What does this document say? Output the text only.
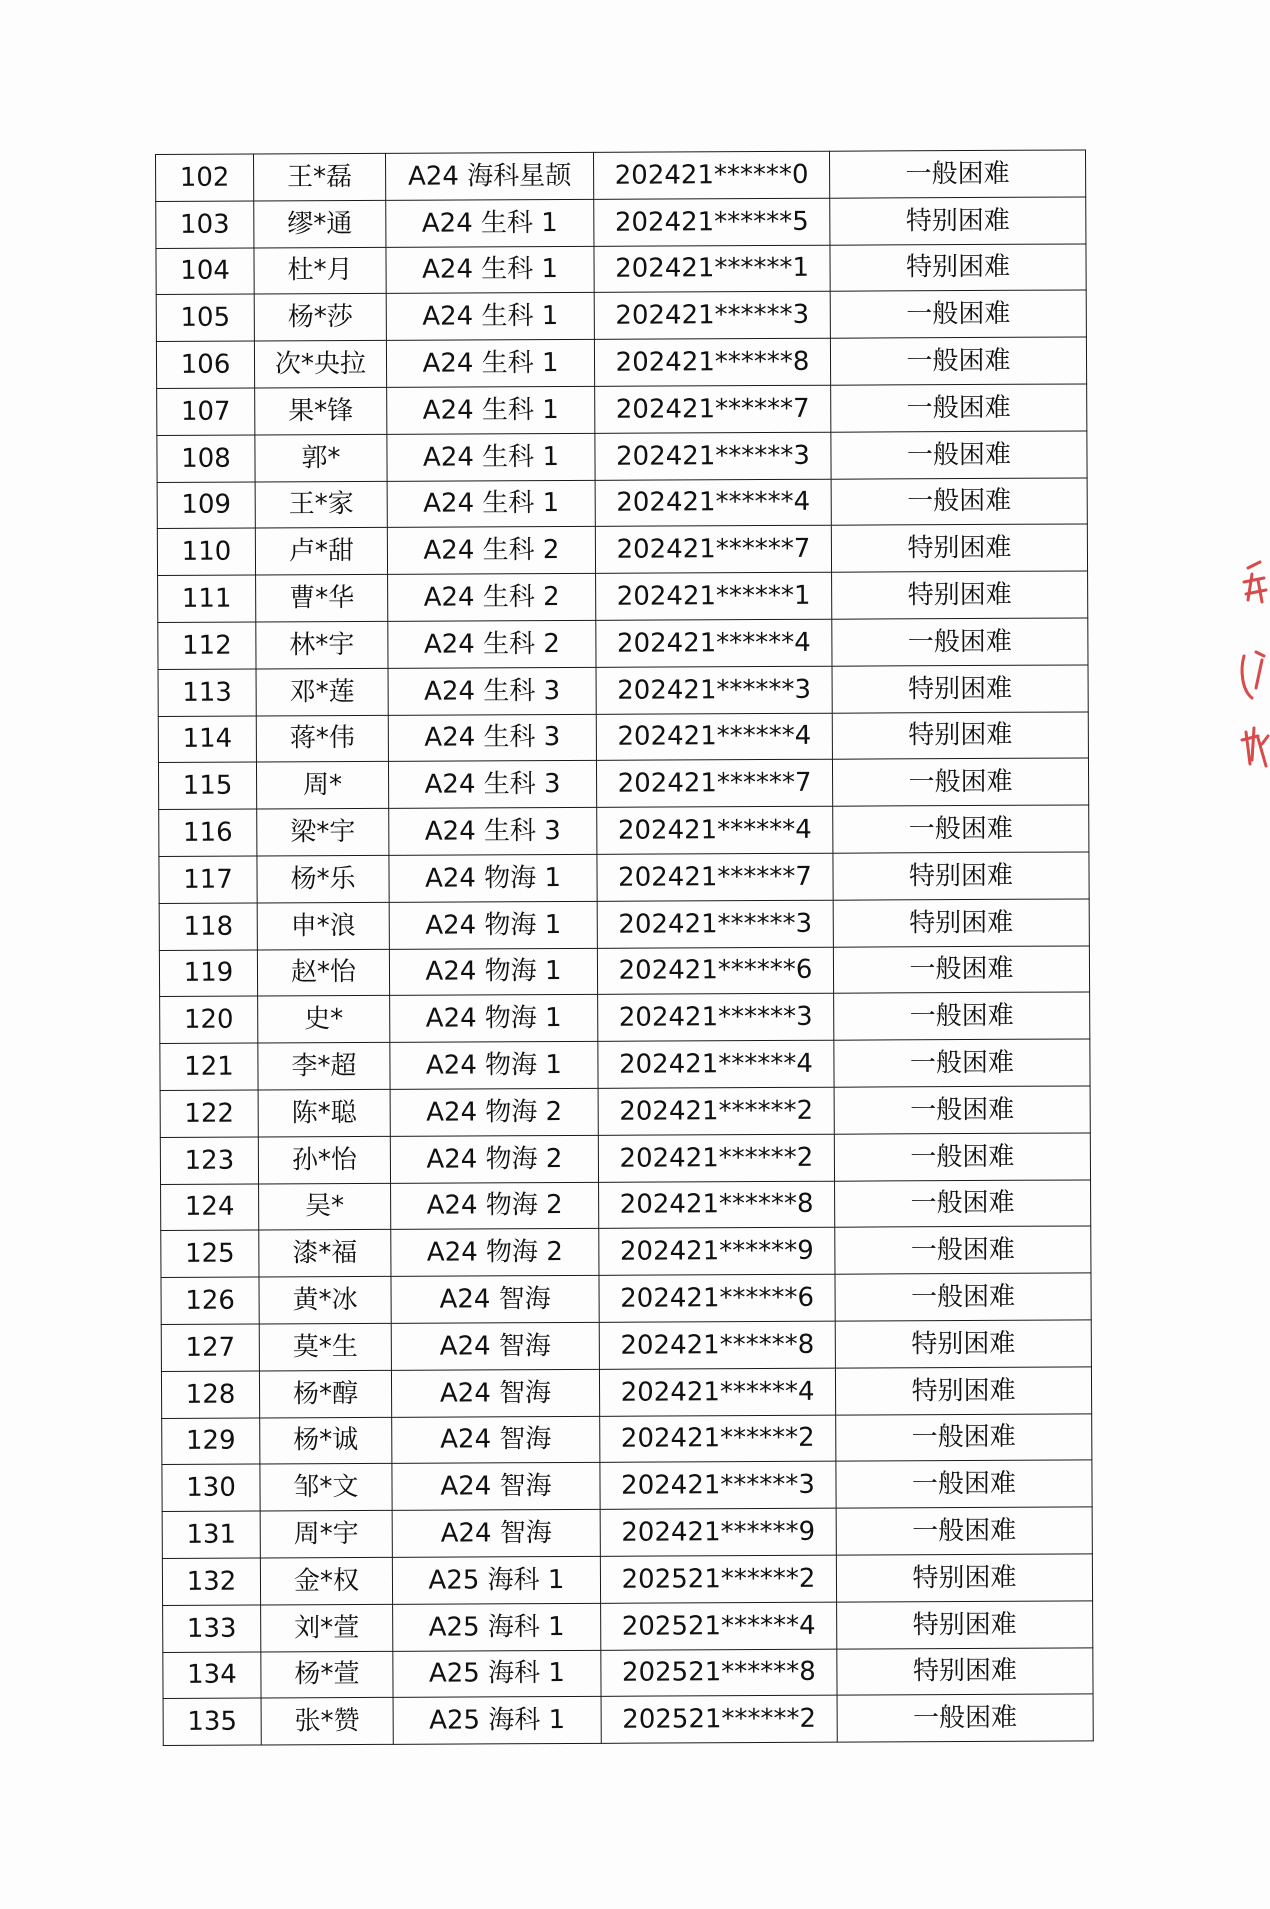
102	王*磊	A24 海科星颉	202421******0	一般困难
103	缪*通	A24 生科 1	202421******5	特别困难
104	杜*月	A24 生科 1	202421******1	特别困难
105	杨*莎	A24 生科 1	202421******3	一般困难
106	次*央拉	A24 生科 1	202421******8	一般困难
107	果*锋	A24 生科 1	202421******7	一般困难
108	郭*	A24 生科 1	202421******3	一般困难
109	王*家	A24 生科 1	202421******4	一般困难
110	卢*甜	A24 生科 2	202421******7	特别困难
111	曹*华	A24 生科 2	202421******1	特别困难
112	林*宇	A24 生科 2	202421******4	一般困难
113	邓*莲	A24 生科 3	202421******3	特别困难
114	蒋*伟	A24 生科 3	202421******4	特别困难
115	周*	A24 生科 3	202421******7	一般困难
116	梁*宇	A24 生科 3	202421******4	一般困难
117	杨*乐	A24 物海 1	202421******7	特别困难
118	申*浪	A24 物海 1	202421******3	特别困难
119	赵*怡	A24 物海 1	202421******6	一般困难
120	史*	A24 物海 1	202421******3	一般困难
121	李*超	A24 物海 1	202421******4	一般困难
122	陈*聪	A24 物海 2	202421******2	一般困难
123	孙*怡	A24 物海 2	202421******2	一般困难
124	吴*	A24 物海 2	202421******8	一般困难
125	漆*福	A24 物海 2	202421******9	一般困难
126	黄*冰	A24 智海	202421******6	一般困难
127	莫*生	A24 智海	202421******8	特别困难
128	杨*醇	A24 智海	202421******4	特别困难
129	杨*诚	A24 智海	202421******2	一般困难
130	邹*文	A24 智海	202421******3	一般困难
131	周*宇	A24 智海	202421******9	一般困难
132	金*权	A25 海科 1	202521******2	特别困难
133	刘*萱	A25 海科 1	202521******4	特别困难
134	杨*萱	A25 海科 1	202521******8	特别困难
135	张*赞	A25 海科 1	202521******2	一般困难
